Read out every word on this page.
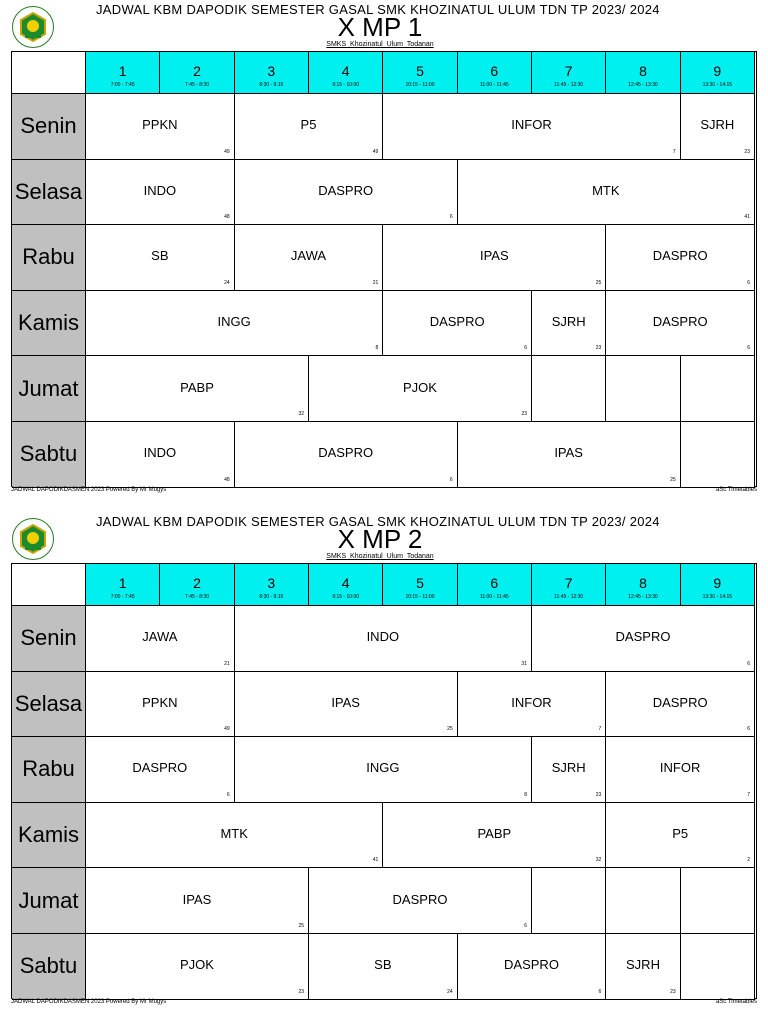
JADWAL KBM DAPODIK SEMESTER GASAL SMK KHOZINATUL ULUM TDN TP 2023/ 2024
X MP 1
SMKS_Khozinatul_Ulum_Todanan
1
7:00 - 7:45
2
7:45 - 8:30
3
8:30 - 9:15
4
9:15 - 10:00
5
10:15 - 11:00
6
11:00 - 11:45
7
11:45 - 12:30
8
12:45 - 13:30
9
13:30 - 14:15
Senin	PPKN
49
P5
49
INFOR
7
SJRH
23
Selasa	INDO
48
DASPRO
6
MTK
41
Rabu	SB
24
JAWA
21
IPAS
25
DASPRO
6
Kamis	INGG
8
DASPRO
6
SJRH
23
DASPRO
6
Jumat	PABP
32
PJOK
23
Sabtu	INDO
48
DASPRO
6
IPAS
25
JADWAL DAPODIKDASMEN 2023 Powered By Mr Mugys	aSc Timetables
JADWAL KBM DAPODIK SEMESTER GASAL SMK KHOZINATUL ULUM TDN TP 2023/ 2024
X MP 2
SMKS_Khozinatul_Ulum_Todanan
1
7:00 - 7:45
2
7:45 - 8:30
3
8:30 - 9:15
4
9:15 - 10:00
5
10:15 - 11:00
6
11:00 - 11:45
7
11:45 - 12:30
8
12:45 - 13:30
9
13:30 - 14:15
Senin	JAWA
21
INDO
31
DASPRO
6
Selasa	PPKN
49
IPAS
25
INFOR
7
DASPRO
6
Rabu	DASPRO
6
INGG
8
SJRH
23
INFOR
7
Kamis	MTK
41
PABP
32
P5
2
Jumat	IPAS
25
DASPRO
6
Sabtu	PJOK
23
SB
24
DASPRO
6
SJRH
23
JADWAL DAPODIKDASMEN 2023 Powered By Mr Mugys	aSc Timetables
